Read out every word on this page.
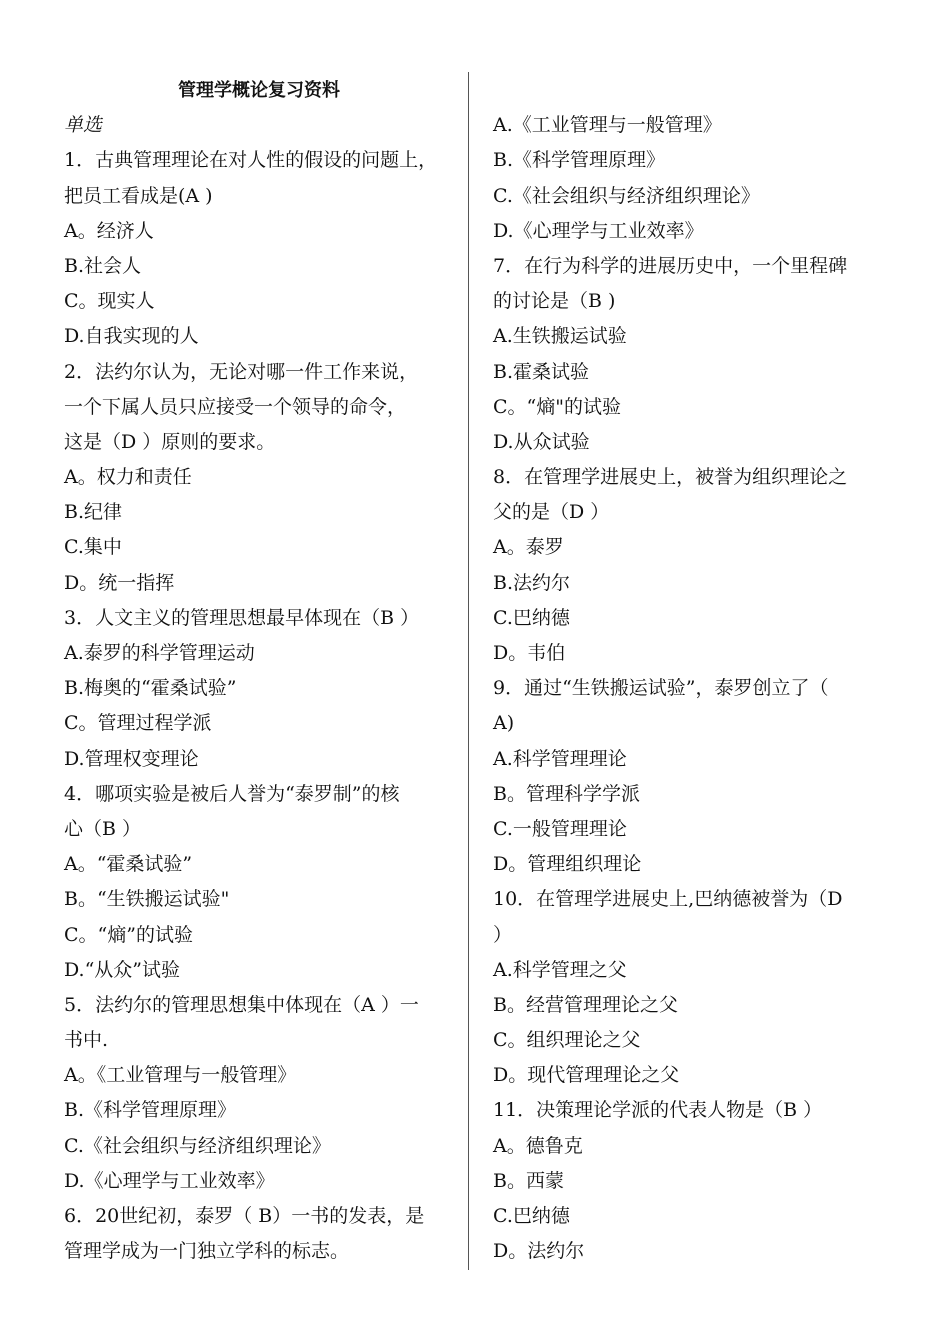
管理学概论复习资料
单选
1．古典管理理论在对人性的假设的问题上，
把员工看成是(A )
A。经济人
B.社会人
C。现实人
D.自我实现的人
2．法约尔认为，无论对哪一件工作来说，
一个下属人员只应接受一个领导的命令，
这是（D ）原则的要求。
A。权力和责任
B.纪律
C.集中
D。统一指挥
3．人文主义的管理思想最早体现在（B ）
A.泰罗的科学管理运动
B.梅奥的“霍桑试验”
C。管理过程学派
D.管理权变理论
4．哪项实验是被后人誉为“泰罗制”的核
心（B ）
A。“霍桑试验”
B。“生铁搬运试验"
C。“熵”的试验
D.“从众”试验
5．法约尔的管理思想集中体现在（A ）一
书中.
A。《工业管理与一般管理》
B.《科学管理原理》
C.《社会组织与经济组织理论》
D.《心理学与工业效率》
6．20世纪初，泰罗（ B）一书的发表，是
管理学成为一门独立学科的标志。
A.《工业管理与一般管理》
B.《科学管理原理》
C.《社会组织与经济组织理论》
D.《心理学与工业效率》
7．在行为科学的进展历史中，一个里程碑
的讨论是（B )
A.生铁搬运试验
B.霍桑试验
C。“熵"的试验
D.从众试验
8．在管理学进展史上，被誉为组织理论之
父的是（D ）
A。泰罗
B.法约尔
C.巴纳德
D。韦伯
9．通过“生铁搬运试验”，泰罗创立了（
A)
A.科学管理理论
B。管理科学学派
C.一般管理理论
D。管理组织理论
10．在管理学进展史上,巴纳德被誉为（D
）
A.科学管理之父
B。经营管理理论之父
C。组织理论之父
D。现代管理理论之父
11．决策理论学派的代表人物是（B ）
A。德鲁克
B。西蒙
C.巴纳德
D。法约尔
